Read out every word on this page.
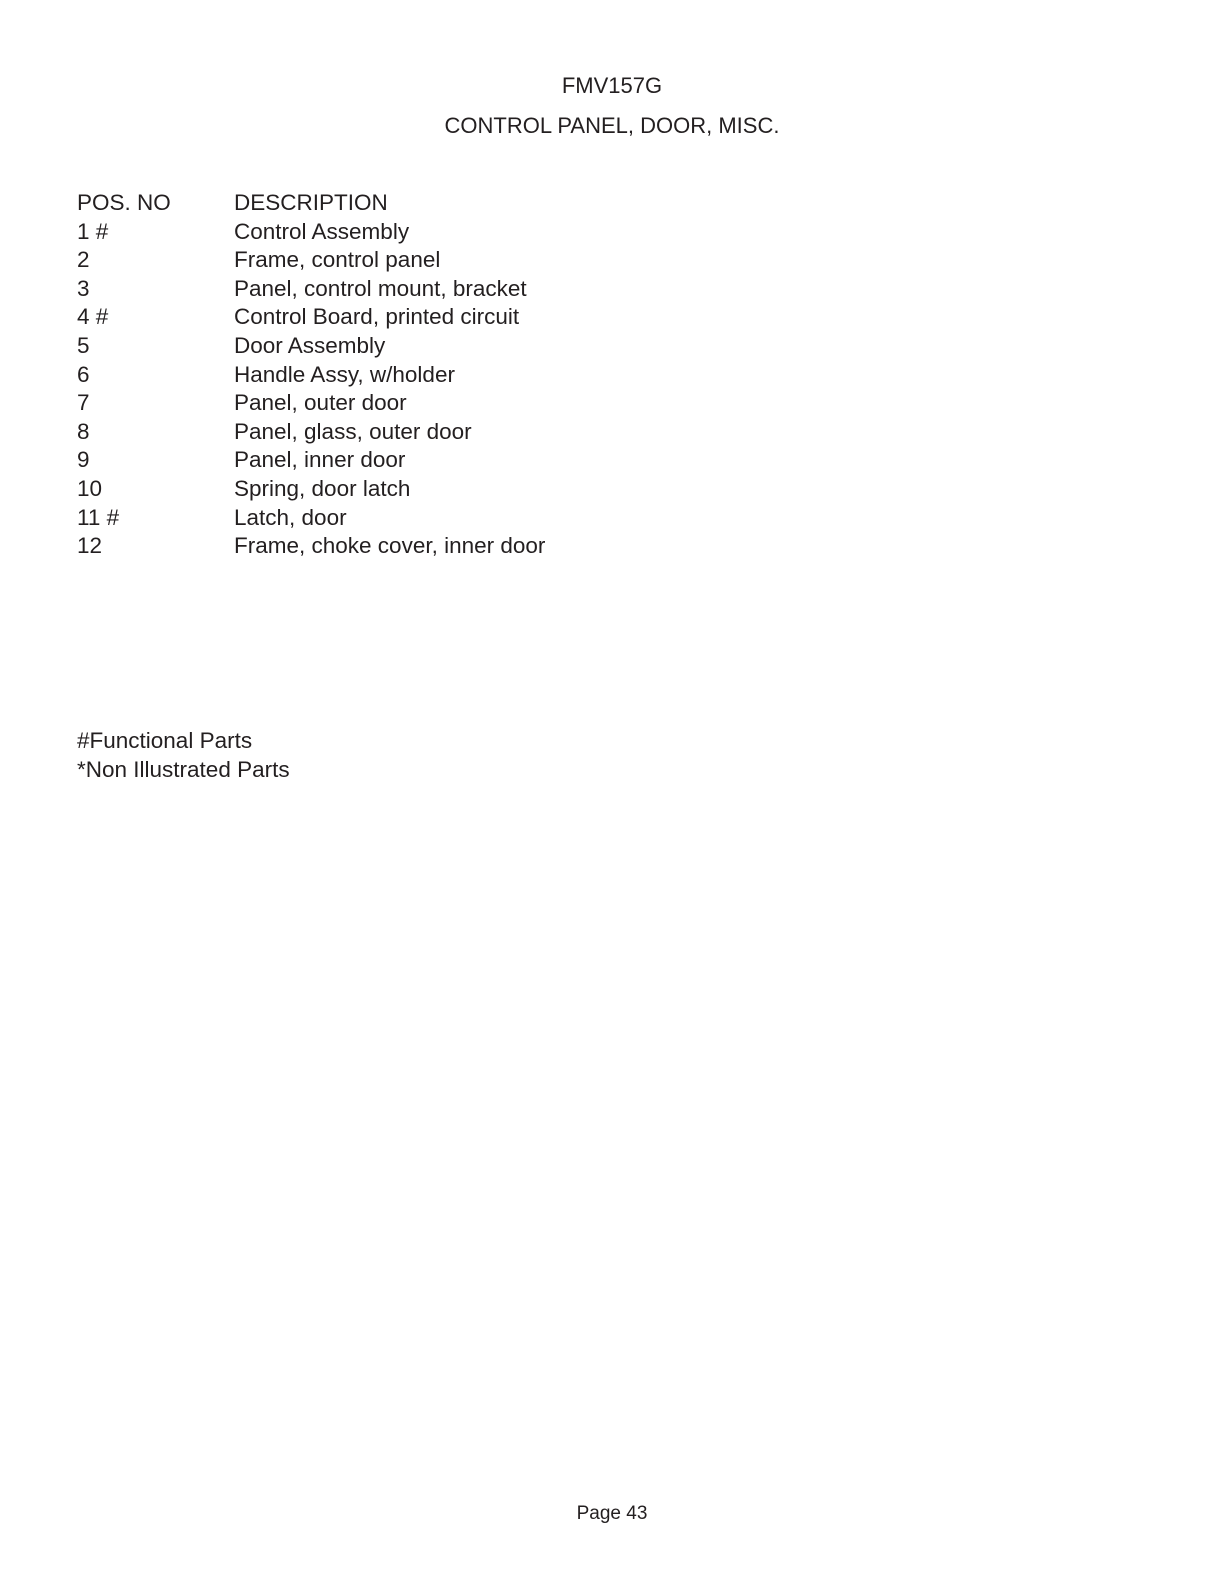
FMV157G
CONTROL PANEL, DOOR, MISC.
POS. NO	DESCRIPTION
1 #	Control Assembly
2	Frame, control panel
3	Panel, control mount, bracket
4 #	Control Board, printed circuit
5	Door Assembly
6	Handle Assy, w/holder
7	Panel, outer door
8	Panel, glass, outer door
9	Panel, inner door
10	Spring, door latch
11 #	Latch, door
12	Frame, choke cover, inner door
#Functional Parts
*Non Illustrated Parts
Page 43
